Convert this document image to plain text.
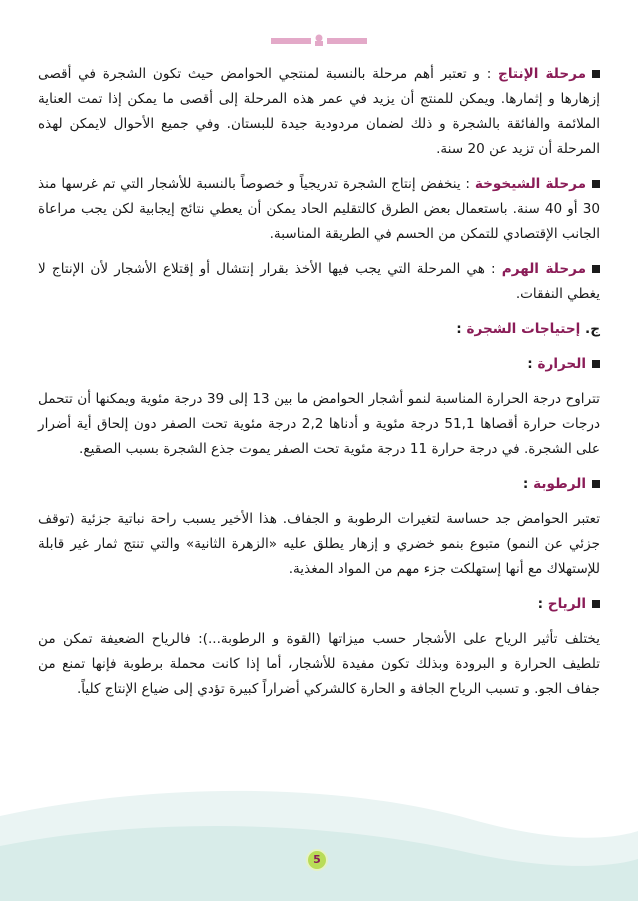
مرحلة الإنتاج : و تعتبر أهم مرحلة بالنسبة لمنتجي الحوامض حيث تكون الشجرة في أقصى إزهارها و إثمارها. ويمكن للمنتج أن يزيد في عمر هذه المرحلة إلى أقصى ما يمكن إذا تمت العناية الملائمة والفائقة بالشجرة و ذلك لضمان مردودية جيدة للبستان. وفي جميع الأحوال لايمكن لهذه المرحلة أن تزيد عن 20 سنة.

مرحلة الشيخوخة : ينخفض إنتاج الشجرة تدريجياً و خصوصاً بالنسبة للأشجار التي تم غرسها منذ 30 أو 40 سنة. باستعمال بعض الطرق كالتقليم الحاد يمكن أن يعطي نتائج إيجابية لكن يجب مراعاة الجانب الإقتصادي للتمكن من الحسم في الطريقة المناسبة.

مرحلة الهرم : هي المرحلة التي يجب فيها الأخذ بقرار إنتشال أو إقتلاع الأشجار لأن الإنتاج لا يغطي النفقات.

ج. إحتياجات الشجرة :
الحرارة :

تتراوح درجة الحرارة المناسبة لنمو أشجار الحوامض ما بين 13 إلى 39 درجة مئوية ويمكنها أن تتحمل درجات حرارة أقصاها 51,1 درجة مئوية و أدناها 2,2 درجة مئوية تحت الصفر دون إلحاق أية أضرار على الشجرة. في درجة حرارة 11 درجة مئوية تحت الصفر يموت جذع الشجرة بسبب الصقيع.

الرطوبة :

تعتبر الحوامض جد حساسة لتغيرات الرطوبة و الجفاف. هذا الأخير يسبب راحة نباتية جزئية (توقف جزئي عن النمو) متبوع بنمو خضري و إزهار يطلق عليه «الزهرة الثانية» والتي تنتج ثمار غير قابلة للإستهلاك مع أنها إستهلكت جزء مهم من المواد المغذية.

الرياح :

يختلف تأثير الرياح على الأشجار حسب ميزاتها (القوة و الرطوبة...): فالرياح الضعيفة تمكن من تلطيف الحرارة و البرودة وبذلك تكون مفيدة للأشجار، أما إذا كانت محملة برطوبة فإنها تمنع من جفاف الجو. و تسبب الرياح الجافة و الحارة كالشركي أضراراً كبيرة تؤدي إلى ضياع الإنتاج كلياً.

5
